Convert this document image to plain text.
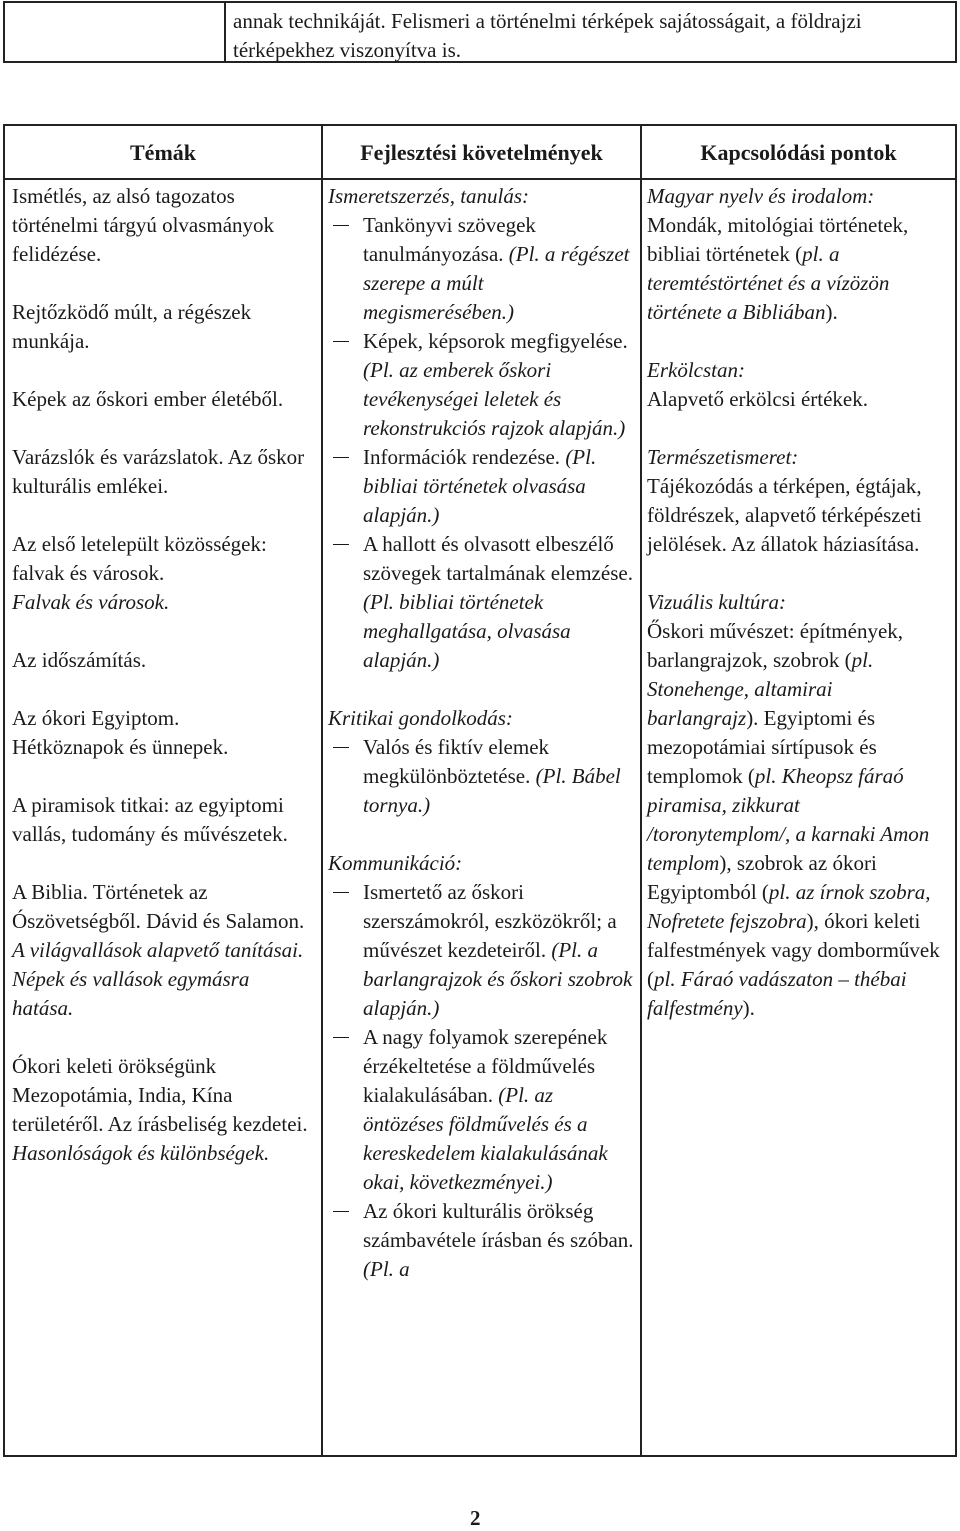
annak technikáját. Felismeri a történelmi térképek sajátosságait, a földrajzi térképekhez viszonyítva is.
Témák	Fejlesztési követelmények	Kapcsolódási pontok

Ismétlés, az alsó tagozatos történelmi tárgyú olvasmányok felidézése.

Rejtőzködő múlt, a régészek munkája.

Képek az őskori ember életéből.

Varázslók és varázslatok. Az őskor kulturális emlékei.

Az első letelepült közösségek: falvak és városok.

Falvak és városok.

Az időszámítás.

Az ókori Egyiptom.

Hétköznapok és ünnepek.

A piramisok titkai: az egyiptomi vallás, tudomány és művészetek.

A Biblia. Történetek az Ószövetségből. Dávid és Salamon.

A világvallások alapvető tanításai. Népek és vallások egymásra hatása.

Ókori keleti örökségünk Mezopotámia, India, Kína területéről. Az írásbeliség kezdetei.

Hasonlóságok és különbségek.

Ismeretszerzés, tanulás:

Tankönyvi szövegek tanulmányozása. (Pl. a régészet szerepe a múlt megismerésében.)
Képek, képsorok megfigyelése. (Pl. az emberek őskori tevékenységei leletek és rekonstrukciós rajzok alapján.)
Információk rendezése. (Pl. bibliai történetek olvasása alapján.)
A hallott és olvasott elbeszélő szövegek tartalmának elemzése. (Pl. bibliai történetek meghallgatása, olvasása alapján.)

Kritikai gondolkodás:

Valós és fiktív elemek megkülönböztetése. (Pl. Bábel tornya.)

Kommunikáció:

Ismertető az őskori szerszámokról, eszközökről; a művészet kezdeteiről. (Pl. a barlangrajzok és őskori szobrok alapján.)
A nagy folyamok szerepének érzékeltetése a földművelés kialakulásában. (Pl. az öntözéses földművelés és a kereskedelem kialakulásának okai, következményei.)
Az ókori kulturális örökség számbavétele írásban és szóban. (Pl. a

Magyar nyelv és irodalom:

Mondák, mitológiai történetek, bibliai történetek (pl. a teremtéstörténet és a vízözön története a Bibliában).

Erkölcstan:

Alapvető erkölcsi értékek.

Természetismeret:

Tájékozódás a térképen, égtájak, földrészek, alapvető térképészeti jelölések. Az állatok háziasítása.

Vizuális kultúra:

Őskori művészet: építmények, barlangrajzok, szobrok (pl. Stonehenge, altamirai barlangrajz). Egyiptomi és mezopotámiai sírtípusok és templomok (pl. Kheopsz fáraó piramisa, zikkurat /toronytemplom/, a karnaki Amon templom), szobrok az ókori Egyiptomból (pl. az írnok szobra, Nofretete fejszobra), ókori keleti falfestmények vagy domborművek (pl. Fáraó vadászaton – thébai falfestmény).

2
